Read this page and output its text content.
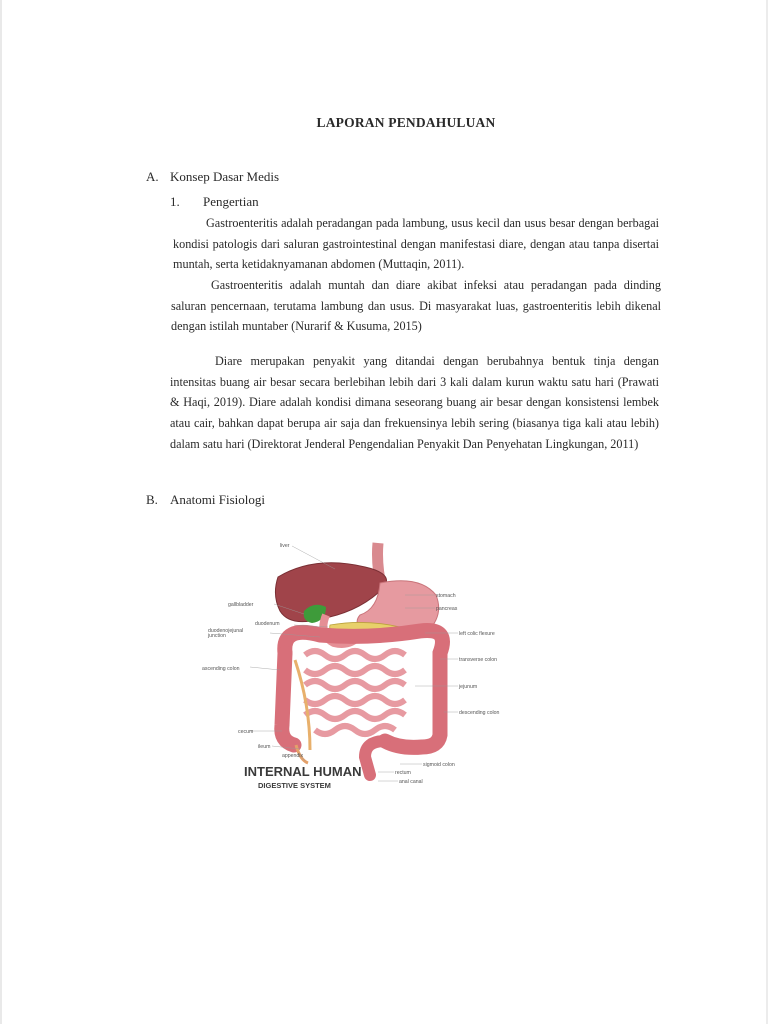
LAPORAN PENDAHULUAN
A. Konsep Dasar Medis
1. Pengertian

Gastroenteritis adalah peradangan pada lambung, usus kecil dan usus besar dengan berbagai kondisi patologis dari saluran gastrointestinal dengan manifestasi diare, dengan atau tanpa disertai muntah, serta ketidaknyamanan abdomen (Muttaqin, 2011).

Gastroenteritis adalah muntah dan diare akibat infeksi atau peradangan pada dinding saluran pencernaan, terutama lambung dan usus. Di masyarakat luas, gastroenteritis lebih dikenal dengan istilah muntaber (Nurarif & Kusuma, 2015)

Diare merupakan penyakit yang ditandai dengan berubahnya bentuk tinja dengan intensitas buang air besar secara berlebihan lebih dari 3 kali dalam kurun waktu satu hari (Prawati & Haqi, 2019). Diare adalah kondisi dimana seseorang buang air besar dengan konsistensi lembek atau cair, bahkan dapat berupa air saja dan frekuensinya lebih sering (biasanya tiga kali atau lebih) dalam satu hari (Direktorat Jenderal Pengendalian Penyakit Dan Penyehatan Lingkungan, 2011)

B. Anatomi Fisiologi
liver
gallbladder
duodenum
duodenojejunal
junction
ascending colon
cecum
ileum
appendix
stomach
pancreas
left colic flexure
transverse colon
jejunum
descending colon
sigmoid colon
rectum
anal canal
INTERNAL HUMAN
DIGESTIVE SYSTEM
